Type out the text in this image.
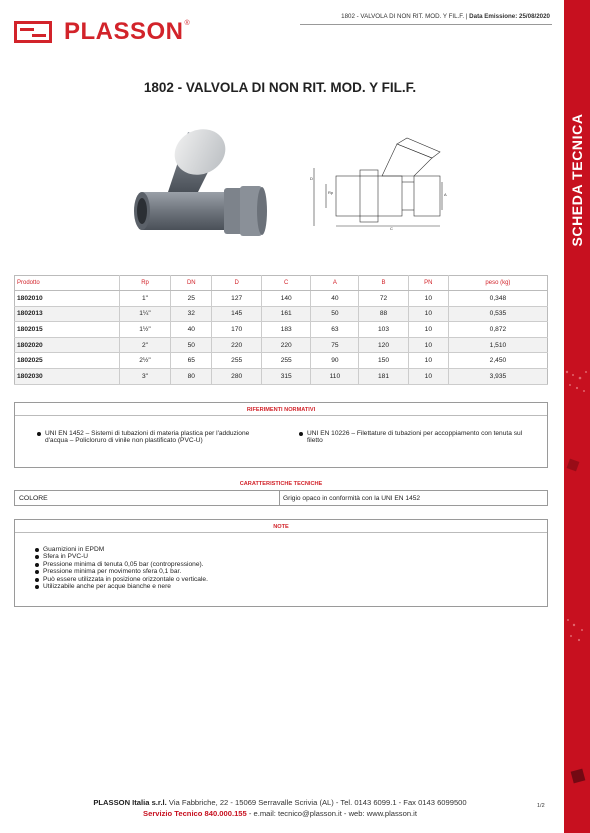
PLASSON ®
1802 - VALVOLA DI NON RIT. MOD. Y FIL.F. | Data Emissione: 25/08/2020
SCHEDA TECNICA
1802 - VALVOLA DI NON RIT. MOD. Y FIL.F.
D
Rp
C
A
Prodotto	Rp	DN	D	C	A	B	PN	peso (kg)
1802010	1"	25	127	140	40	72	10	0,348
1802013	1¼"	32	145	161	50	88	10	0,535
1802015	1½"	40	170	183	63	103	10	0,872
1802020	2"	50	220	220	75	120	10	1,510
1802025	2½"	65	255	255	90	150	10	2,450
1802030	3"	80	280	315	110	181	10	3,935
RIFERIMENTI NORMATIVI
UNI EN 1452 – Sistemi di tubazioni di materia plastica per l'adduzione d'acqua – Policloruro di vinile non plastificato (PVC-U)
UNI EN 10226 – Filettature di tubazioni per accoppiamento con tenuta sul filetto
CARATTERISTICHE TECNICHE
COLORE	Grigio opaco in conformità con la UNI EN 1452
NOTE
Guarnizioni in EPDM
Sfera in PVC-U
Pressione minima di tenuta 0,05 bar (contropressione).
Pressione minima per movimento sfera 0,1 bar.
Può essere utilizzata in posizione orizzontale o verticale.
Utilizzabile anche per acque bianche e nere
PLASSON Italia s.r.l. Via Fabbriche, 22 - 15069 Serravalle Scrivia (AL) - Tel. 0143 6099.1 - Fax 0143 6099500
Servizio Tecnico 840.000.155 - e.mail: tecnico@plasson.it - web: www.plasson.it
1/2
